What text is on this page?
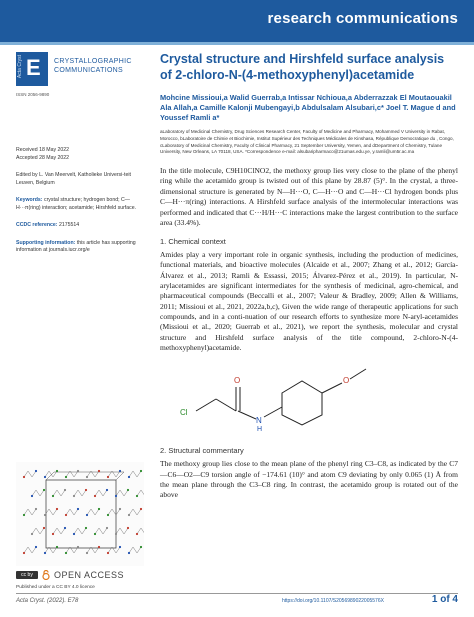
research communications
Acta Cryst E CRYSTALLOGRAPHIC
COMMUNICATIONS
ISSN 2056-9890
Received 18 May 2022
Accepted 28 May 2022
Edited by L. Van Meervelt, Katholieke Universi-teit Leuven, Belgium
Keywords: crystal structure; hydrogen bond; C—H···π(ring) interaction; acetamide; Hirshfeld surface.
CCDC reference: 2175514
Supporting information: this article has supporting information at journals.iucr.org/e
cc by	OPEN ACCESS
Published under a CC BY 4.0 licence
Crystal structure and Hirshfeld surface analysis of 2-chloro-N-(4-methoxyphenyl)acetamide
Mohcine Missioui,a Walid Guerrab,a Intissar Nchioua,a Abderrazzak El Moutaouakil Ala Allah,a Camille Kalonji Mubengayi,b Abdulsalam Alsubari,c* Joel T. Mague d and Youssef Ramli a*
aLaboratory of Medicinal Chemistry, Drug Sciences Research Center, Faculty of Medicine and Pharmacy, Mohammed V University in Rabat, Morocco, bLaboratoire de Chimie et Biochimie, Institut Supérieur des Techniques Médicales de Kinshasa, République Democratique du , Congo, cLaboratory of Medicinal Chemistry, Faculty of Clinical Pharmacy, 21 September University, Yemen, and dDepartment of Chemistry, Tulane University, New Orleans, LA 70118, USA. *Correspondence e-mail: alsubaripharmaco@21umas.edu.ye, y.ramli@um5r.ac.ma

In the title molecule, C9H10ClNO2, the methoxy group lies very close to the plane of the phenyl ring while the acetamido group is twisted out of this plane by 28.87 (5)°. In the crystal, a three-dimensional structure is generated by N—H···O, C—H···O and C—H···Cl hydrogen bonds plus C—H···π(ring) interactions. A Hirshfeld surface analysis of the intermolecular interactions was performed and indicated that C···H/H···C interactions make the largest contribution to the surface area (33.4%).

1. Chemical context

Amides play a very important role in organic synthesis, including the production of medicines, functional materials, and bioactive molecules (Alcaide et al., 2007; Zhang et al., 2012; García-Álvarez et al., 2013; Ramli & Essassi, 2015; Álvarez-Pérez et al., 2019). In particular, N-arylacetamides are significant intermediates for the synthesis of medicinal, agro-chemical, and pharmaceutical compounds (Beccalli et al., 2007; Valeur & Bradley, 2009; Allen & Williams, 2011; Missioui et al., 2021, 2022a,b,c), Given the wide range of therapeutic applications for such compounds, and in a conti-nuation of our research efforts to synthesize more N-aryl-acetamides (Missioui et al., 2020; Guerrab et al., 2021), we report the synthesis, molecular and crystal structure and Hirshfeld surface analysis of the title compound, 2-chloro-N-(4-methoxyphenyl)acetamide.

Cl
O
N
H
O
2. Structural commentary

The methoxy group lies close to the mean plane of the phenyl ring C3–C8, as indicated by the C7—C6—O2—C9 torsion angle of −174.61 (10)° and atom C9 deviating by only 0.065 (1) Å from the mean plane through the C3–C8 ring. In contrast, the acetamido group is rotated out of the above

Acta Cryst. (2022). E78	https://doi.org/10.1107/S2056989022005576X	1 of 4
